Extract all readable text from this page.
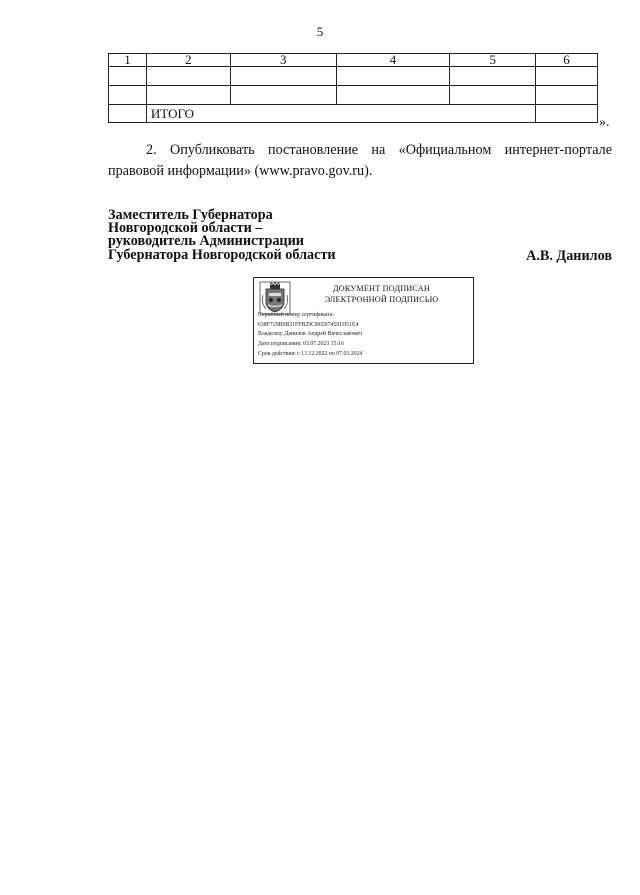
5
1	2	3	4	5	6

	ИТОГО				
».
2. Опубликовать постановление на «Официальном интернет-портале правовой информации» (www.pravo.gov.ru).
Заместитель Губернатора
Новгородской области –
руководитель Администрации
Губернатора Новгородской области	А.В. Данилов
ДОКУМЕНТ ПОДПИСАН
ЭЛЕКТРОННОЙ ПОДПИСЬЮ
Серийный номер сертификата:
638F729B0B31FFB29CB65974591D51E4
Владелец: Данилов Андрей Вячеславович
Дата подписания: 03.07.2023 15:16
Срок действия: с 13.12.2022 по 07.03.2024
